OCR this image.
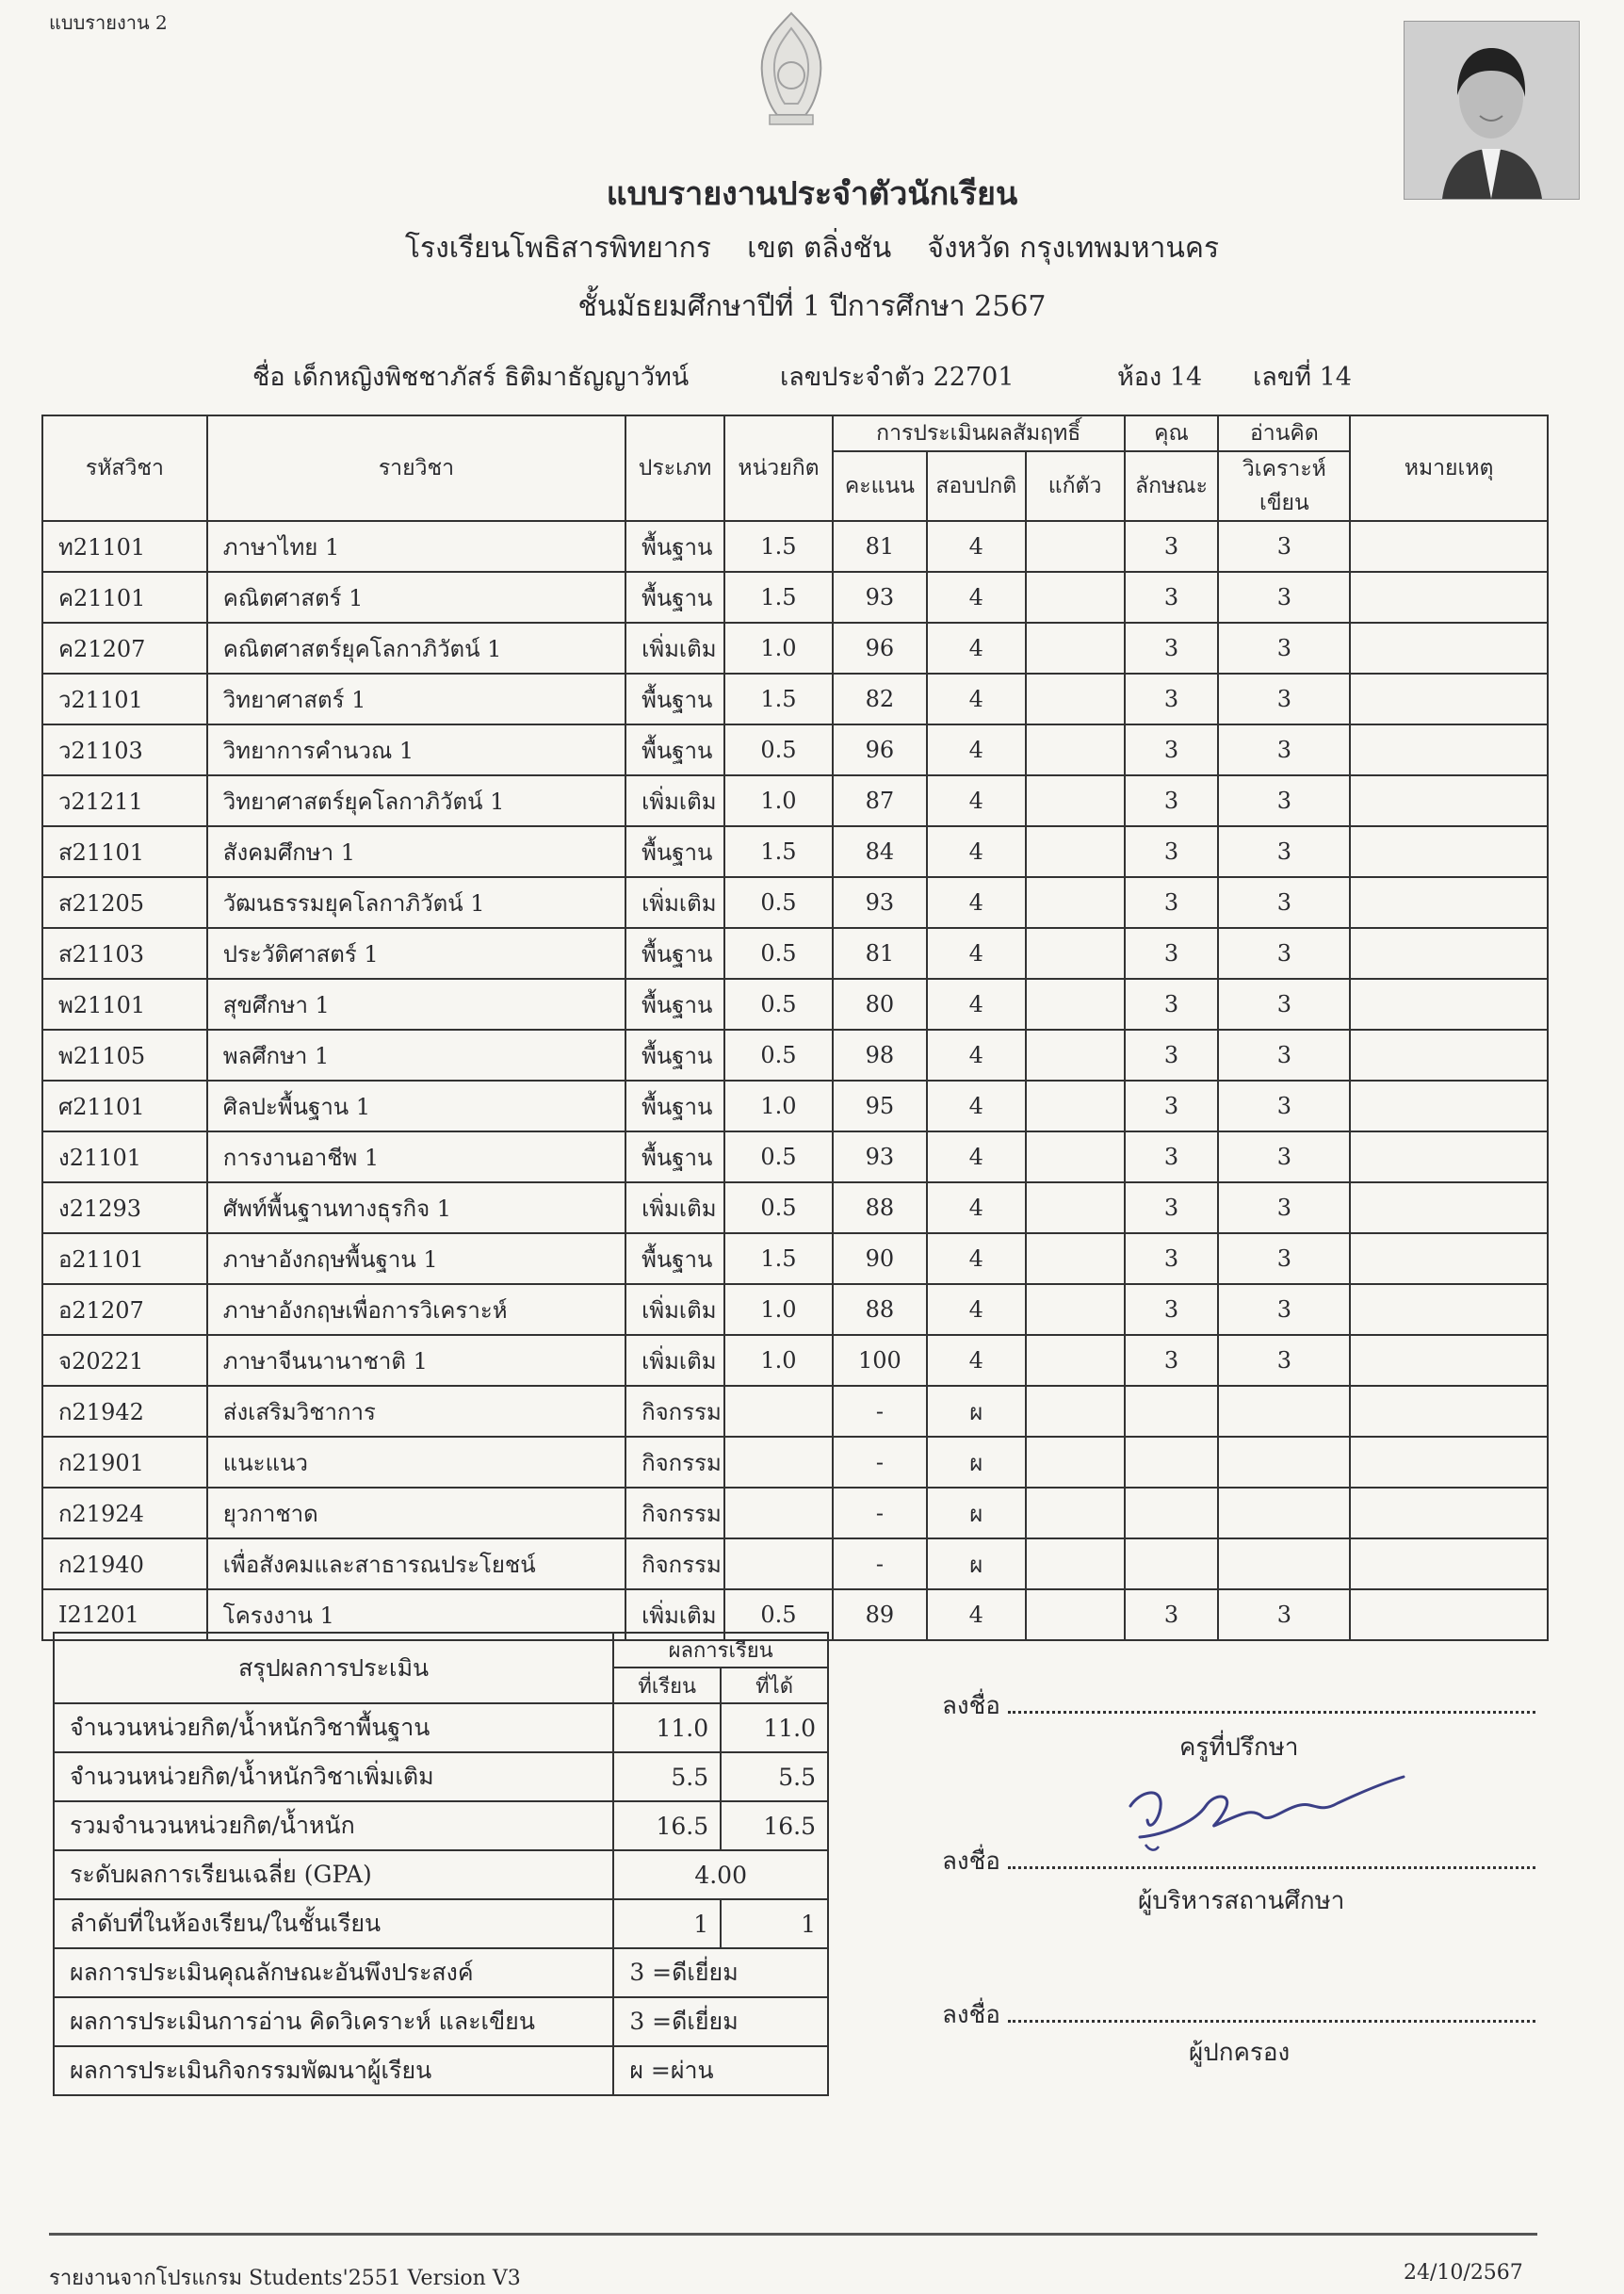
แบบรายงาน 2
แบบรายงานประจำตัวนักเรียน
โรงเรียนโพธิสารพิทยากร    เขต ตลิ่งชัน    จังหวัด กรุงเทพมหานคร
ชั้นมัธยมศึกษาปีที่ 1 ปีการศึกษา 2567
ชื่อ เด็กหญิงพิชชาภัสร์ ธิติมาธัญญาวัทน์	เลขประจำตัว 22701	ห้อง 14 เลขที่ 14
รหัสวิชา	รายวิชา	ประเภท	หน่วยกิต	การประเมินผลสัมฤทธิ์			คุณ	อ่านคิด	หมายเหตุ
				คะแนน	สอบปกติ	แก้ตัว	ลักษณะ	วิเคราะห์เขียน	
ท21101	ภาษาไทย 1	พื้นฐาน	1.5	81	4		3	3	
ค21101	คณิตศาสตร์ 1	พื้นฐาน	1.5	93	4		3	3	
ค21207	คณิตศาสตร์ยุคโลกาภิวัตน์ 1	เพิ่มเติม	1.0	96	4		3	3	
ว21101	วิทยาศาสตร์ 1	พื้นฐาน	1.5	82	4		3	3	
ว21103	วิทยาการคำนวณ 1	พื้นฐาน	0.5	96	4		3	3	
ว21211	วิทยาศาสตร์ยุคโลกาภิวัตน์ 1	เพิ่มเติม	1.0	87	4		3	3	
ส21101	สังคมศึกษา 1	พื้นฐาน	1.5	84	4		3	3	
ส21205	วัฒนธรรมยุคโลกาภิวัตน์ 1	เพิ่มเติม	0.5	93	4		3	3	
ส21103	ประวัติศาสตร์ 1	พื้นฐาน	0.5	81	4		3	3	
พ21101	สุขศึกษา 1	พื้นฐาน	0.5	80	4		3	3	
พ21105	พลศึกษา 1	พื้นฐาน	0.5	98	4		3	3	
ศ21101	ศิลปะพื้นฐาน 1	พื้นฐาน	1.0	95	4		3	3	
ง21101	การงานอาชีพ 1	พื้นฐาน	0.5	93	4		3	3	
ง21293	ศัพท์พื้นฐานทางธุรกิจ 1	เพิ่มเติม	0.5	88	4		3	3	
อ21101	ภาษาอังกฤษพื้นฐาน 1	พื้นฐาน	1.5	90	4		3	3	
อ21207	ภาษาอังกฤษเพื่อการวิเคราะห์	เพิ่มเติม	1.0	88	4		3	3	
จ20221	ภาษาจีนนานาชาติ 1	เพิ่มเติม	1.0	100	4		3	3	
ก21942	ส่งเสริมวิชาการ	กิจกรรม		-	ผ				
ก21901	แนะแนว	กิจกรรม		-	ผ				
ก21924	ยุวกาชาด	กิจกรรม		-	ผ				
ก21940	เพื่อสังคมและสาธารณประโยชน์	กิจกรรม		-	ผ				
I21201	โครงงาน 1	เพิ่มเติม	0.5	89	4		3	3	
สรุปผลการประเมิน	ผลการเรียน	
	ที่เรียน	ที่ได้
จำนวนหน่วยกิต/น้ำหนักวิชาพื้นฐาน	11.0	11.0
จำนวนหน่วยกิต/น้ำหนักวิชาเพิ่มเติม	5.5	5.5
รวมจำนวนหน่วยกิต/น้ำหนัก	16.5	16.5
ระดับผลการเรียนเฉลี่ย (GPA)	4.00	
ลำดับที่ในห้องเรียน/ในชั้นเรียน	1	1
ผลการประเมินคุณลักษณะอันพึงประสงค์	3 =ดีเยี่ยม	
ผลการประเมินการอ่าน คิดวิเคราะห์ และเขียน	3 =ดีเยี่ยม	
ผลการประเมินกิจกรรมพัฒนาผู้เรียน	ผ =ผ่าน	
ลงชื่อ
ครูที่ปรึกษา
ลงชื่อ
ผู้บริหารสถานศึกษา
ลงชื่อ
ผู้ปกครอง
รายงานจากโปรแกรม Students'2551 Version V3	24/10/2567
